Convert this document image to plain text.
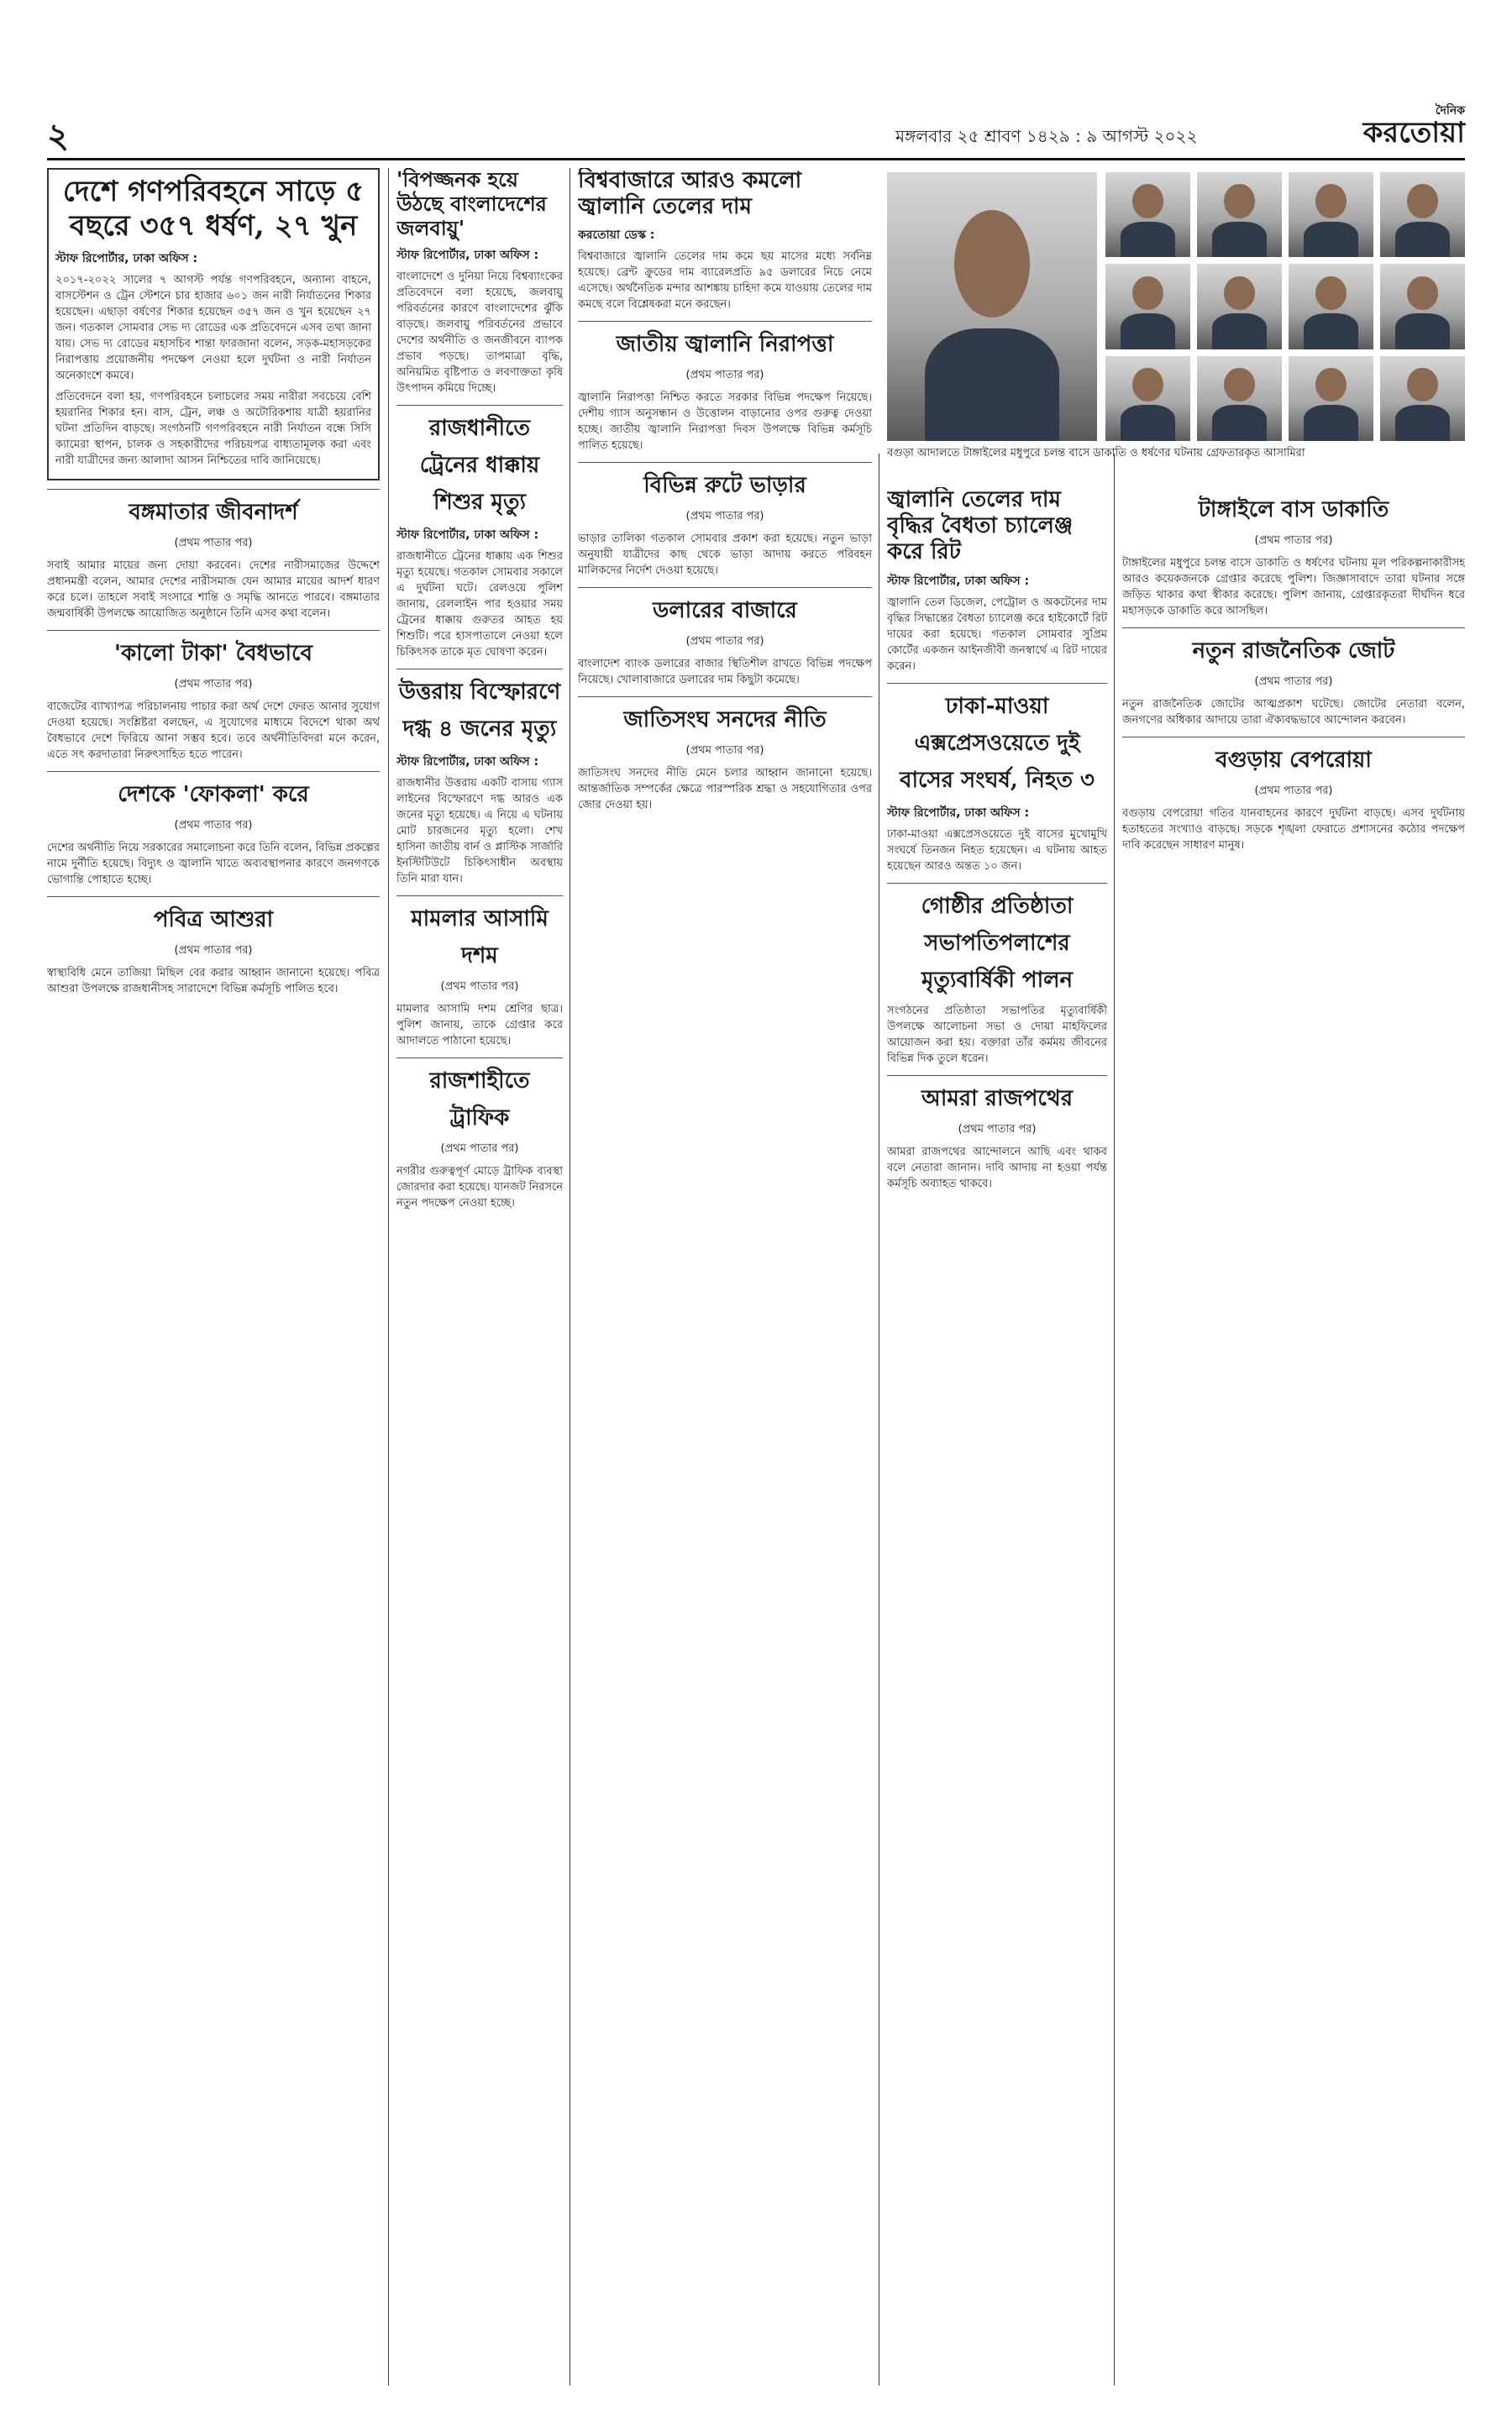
২	মঙ্গলবার ২৫ শ্রাবণ ১৪২৯ : ৯ আগস্ট ২০২২
দৈনিক
করতোয়া
দেশে গণপরিবহনে সাড়ে ৫ বছরে ৩৫৭ ধর্ষণ, ২৭ খুন
স্টাফ রিপোর্টার, ঢাকা অফিস :

২০১৭-২০২২ সালের ৭ আগস্ট পর্যন্ত গণপরিবহনে, অন্যান্য বাহনে, বাসস্টেশন ও ট্রেন স্টেশনে চার হাজার ৬০১ জন নারী নির্যাতনের শিকার হয়েছেন। এছাড়া বর্ষণের শিকার হয়েছেন ৩৫৭ জন ও খুন হয়েছেন ২৭ জন। গতকাল সোমবার সেভ দ্য রোডের এক প্রতিবেদনে এসব তথ্য জানা যায়। সেভ দ্য রোডের মহাসচিব শান্তা ফারজানা বলেন, সড়ক-মহাসড়কের নিরাপত্তায় প্রয়োজনীয় পদক্ষেপ নেওয়া হলে দুর্ঘটনা ও নারী নির্যাতন অনেকাংশে কমবে।

প্রতিবেদনে বলা হয়, গণপরিবহনে চলাচলের সময় নারীরা সবচেয়ে বেশি হয়রানির শিকার হন। বাস, ট্রেন, লঞ্চ ও অটোরিকশায় যাত্রী হয়রানির ঘটনা প্রতিদিন বাড়ছে। সংগঠনটি গণপরিবহনে নারী নির্যাতন বন্ধে সিসি ক্যামেরা স্থাপন, চালক ও সহকারীদের পরিচয়পত্র বাধ্যতামূলক করা এবং নারী যাত্রীদের জন্য আলাদা আসন নিশ্চিতের দাবি জানিয়েছে।

বঙ্গমাতার জীবনাদর্শ
(প্রথম পাতার পর)

সবাই আমার মায়ের জন্য দোয়া করবেন। দেশের নারীসমাজের উদ্দেশে প্রধানমন্ত্রী বলেন, আমার দেশের নারীসমাজ যেন আমার মায়ের আদর্শ ধারণ করে চলে। তাহলে সবাই সংসারে শান্তি ও সমৃদ্ধি আনতে পারবে। বঙ্গমাতার জন্মবার্ষিকী উপলক্ষে আয়োজিত অনুষ্ঠানে তিনি এসব কথা বলেন।

'কালো টাকা' বৈধভাবে
(প্রথম পাতার পর)

বাজেটের ব্যাখ্যাপত্র পরিচালনায় পাচার করা অর্থ দেশে ফেরত আনার সুযোগ দেওয়া হয়েছে। সংশ্লিষ্টরা বলছেন, এ সুযোগের মাধ্যমে বিদেশে থাকা অর্থ বৈধভাবে দেশে ফিরিয়ে আনা সম্ভব হবে। তবে অর্থনীতিবিদরা মনে করেন, এতে সৎ করদাতারা নিরুৎসাহিত হতে পারেন।

দেশকে 'ফোকলা' করে
(প্রথম পাতার পর)

দেশের অর্থনীতি নিয়ে সরকারের সমালোচনা করে তিনি বলেন, বিভিন্ন প্রকল্পের নামে দুর্নীতি হয়েছে। বিদ্যুৎ ও জ্বালানি খাতে অব্যবস্থাপনার কারণে জনগণকে ভোগান্তি পোহাতে হচ্ছে।

পবিত্র আশুরা
(প্রথম পাতার পর)

স্বাস্থ্যবিধি মেনে তাজিয়া মিছিল বের করার আহ্বান জানানো হয়েছে। পবিত্র আশুরা উপলক্ষে রাজধানীসহ সারাদেশে বিভিন্ন কর্মসূচি পালিত হবে।

'বিপজ্জনক হয়ে উঠছে বাংলাদেশের জলবায়ু'
স্টাফ রিপোর্টার, ঢাকা অফিস :

বাংলাদেশে ও দুনিয়া নিয়ে বিশ্বব্যাংকের প্রতিবেদনে বলা হয়েছে, জলবায়ু পরিবর্তনের কারণে বাংলাদেশের ঝুঁকি বাড়ছে। জলবায়ু পরিবর্তনের প্রভাবে দেশের অর্থনীতি ও জনজীবনে ব্যাপক প্রভাব পড়ছে। তাপমাত্রা বৃদ্ধি, অনিয়মিত বৃষ্টিপাত ও লবণাক্ততা কৃষি উৎপাদন কমিয়ে দিচ্ছে।

রাজধানীতে ট্রেনের ধাক্কায় শিশুর মৃত্যু
স্টাফ রিপোর্টার, ঢাকা অফিস :

রাজধানীতে ট্রেনের ধাক্কায় এক শিশুর মৃত্যু হয়েছে। গতকাল সোমবার সকালে এ দুর্ঘটনা ঘটে। রেলওয়ে পুলিশ জানায়, রেললাইন পার হওয়ার সময় ট্রেনের ধাক্কায় গুরুতর আহত হয় শিশুটি। পরে হাসপাতালে নেওয়া হলে চিকিৎসক তাকে মৃত ঘোষণা করেন।

উত্তরায় বিস্ফোরণে দগ্ধ ৪ জনের মৃত্যু
স্টাফ রিপোর্টার, ঢাকা অফিস :

রাজধানীর উত্তরায় একটি বাসায় গ্যাস লাইনের বিস্ফোরণে দগ্ধ আরও এক জনের মৃত্যু হয়েছে। এ নিয়ে এ ঘটনায় মোট চারজনের মৃত্যু হলো। শেখ হাসিনা জাতীয় বার্ন ও প্লাস্টিক সার্জারি ইনস্টিটিউটে চিকিৎসাধীন অবস্থায় তিনি মারা যান।

মামলার আসামি দশম
(প্রথম পাতার পর)

মামলার আসামি দশম শ্রেণির ছাত্র। পুলিশ জানায়, তাকে গ্রেপ্তার করে আদালতে পাঠানো হয়েছে।

রাজশাহীতে ট্রাফিক
(প্রথম পাতার পর)

নগরীর গুরুত্বপূর্ণ মোড়ে ট্রাফিক ব্যবস্থা জোরদার করা হয়েছে। যানজট নিরসনে নতুন পদক্ষেপ নেওয়া হচ্ছে।

বিশ্ববাজারে আরও কমলো জ্বালানি তেলের দাম
করতোয়া ডেস্ক :

বিশ্ববাজারে জ্বালানি তেলের দাম কমে ছয় মাসের মধ্যে সর্বনিম্ন হয়েছে। ব্রেন্ট ক্রুডের দাম ব্যারেলপ্রতি ৯৫ ডলারের নিচে নেমে এসেছে। অর্থনৈতিক মন্দার আশঙ্কায় চাহিদা কমে যাওয়ায় তেলের দাম কমছে বলে বিশ্লেষকরা মনে করছেন।

জাতীয় জ্বালানি নিরাপত্তা
(প্রথম পাতার পর)

জ্বালানি নিরাপত্তা নিশ্চিত করতে সরকার বিভিন্ন পদক্ষেপ নিয়েছে। দেশীয় গ্যাস অনুসন্ধান ও উত্তোলন বাড়ানোর ওপর গুরুত্ব দেওয়া হচ্ছে। জাতীয় জ্বালানি নিরাপত্তা দিবস উপলক্ষে বিভিন্ন কর্মসূচি পালিত হয়েছে।

বিভিন্ন রুটে ভাড়ার
(প্রথম পাতার পর)

ভাড়ার তালিকা গতকাল সোমবার প্রকাশ করা হয়েছে। নতুন ভাড়া অনুযায়ী যাত্রীদের কাছ থেকে ভাড়া আদায় করতে পরিবহন মালিকদের নির্দেশ দেওয়া হয়েছে।

ডলারের বাজারে
(প্রথম পাতার পর)

বাংলাদেশ ব্যাংক ডলারের বাজার স্থিতিশীল রাখতে বিভিন্ন পদক্ষেপ নিয়েছে। খোলাবাজারে ডলারের দাম কিছুটা কমেছে।

জাতিসংঘ সনদের নীতি
(প্রথম পাতার পর)

জাতিসংঘ সনদের নীতি মেনে চলার আহ্বান জানানো হয়েছে। আন্তর্জাতিক সম্পর্কের ক্ষেত্রে পারস্পরিক শ্রদ্ধা ও সহযোগিতার ওপর জোর দেওয়া হয়।

বগুড়া আদালতে টাঙ্গাইলের মধুপুরে চলন্ত বাসে ডাকাতি ও ধর্ষণের ঘটনায় গ্রেফতারকৃত আসামিরা
জ্বালানি তেলের দাম বৃদ্ধির বৈধতা চ্যালেঞ্জ করে রিট
স্টাফ রিপোর্টার, ঢাকা অফিস :

জ্বালানি তেল ডিজেল, পেট্রোল ও অকটেনের দাম বৃদ্ধির সিদ্ধান্তের বৈধতা চ্যালেঞ্জ করে হাইকোর্টে রিট দায়ের করা হয়েছে। গতকাল সোমবার সুপ্রিম কোর্টের একজন আইনজীবী জনস্বার্থে এ রিট দায়ের করেন।

ঢাকা-মাওয়া এক্সপ্রেসওয়েতে দুই বাসের সংঘর্ষ, নিহত ৩
স্টাফ রিপোর্টার, ঢাকা অফিস :

ঢাকা-মাওয়া এক্সপ্রেসওয়েতে দুই বাসের মুখোমুখি সংঘর্ষে তিনজন নিহত হয়েছেন। এ ঘটনায় আহত হয়েছেন আরও অন্তত ১০ জন।

গোষ্ঠীর প্রতিষ্ঠাতা সভাপতিপলাশের মৃত্যুবার্ষিকী পালন

সংগঠনের প্রতিষ্ঠাতা সভাপতির মৃত্যুবার্ষিকী উপলক্ষে আলোচনা সভা ও দোয়া মাহফিলের আয়োজন করা হয়। বক্তারা তাঁর কর্মময় জীবনের বিভিন্ন দিক তুলে ধরেন।

আমরা রাজপথের
(প্রথম পাতার পর)

আমরা রাজপথের আন্দোলনে আছি এবং থাকব বলে নেতারা জানান। দাবি আদায় না হওয়া পর্যন্ত কর্মসূচি অব্যাহত থাকবে।

টাঙ্গাইলে বাস ডাকাতি
(প্রথম পাতার পর)

টাঙ্গাইলের মধুপুরে চলন্ত বাসে ডাকাতি ও ধর্ষণের ঘটনায় মূল পরিকল্পনাকারীসহ আরও কয়েকজনকে গ্রেপ্তার করেছে পুলিশ। জিজ্ঞাসাবাদে তারা ঘটনার সঙ্গে জড়িত থাকার কথা স্বীকার করেছে। পুলিশ জানায়, গ্রেপ্তারকৃতরা দীর্ঘদিন ধরে মহাসড়কে ডাকাতি করে আসছিল।

নতুন রাজনৈতিক জোট
(প্রথম পাতার পর)

নতুন রাজনৈতিক জোটের আত্মপ্রকাশ ঘটেছে। জোটের নেতারা বলেন, জনগণের অধিকার আদায়ে তারা ঐক্যবদ্ধভাবে আন্দোলন করবেন।

বগুড়ায় বেপরোয়া
(প্রথম পাতার পর)

বগুড়ায় বেপরোয়া গতির যানবাহনের কারণে দুর্ঘটনা বাড়ছে। এসব দুর্ঘটনায় হতাহতের সংখ্যাও বাড়ছে। সড়কে শৃঙ্খলা ফেরাতে প্রশাসনের কঠোর পদক্ষেপ দাবি করেছেন সাধারণ মানুষ।
